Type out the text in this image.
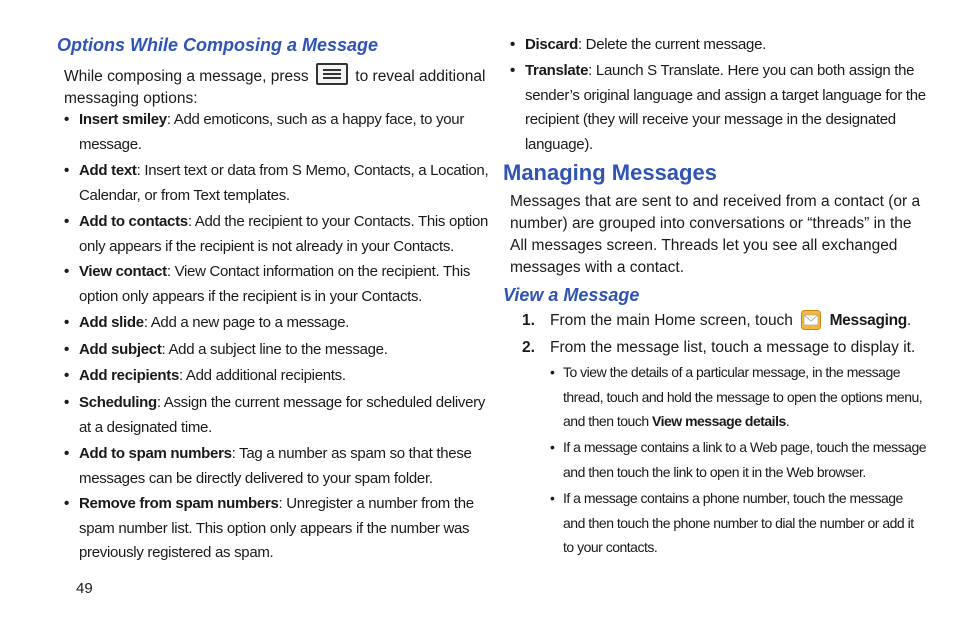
Options While Composing a Message

While composing a message, press	to reveal additional
messaging options:

• Insert smiley: Add emoticons, such as a happy face, to your
message.
• Add text: Insert text or data from S Memo, Contacts, a Location,
Calendar, or from Text templates.
• Add to contacts: Add the recipient to your Contacts. This option
only appears if the recipient is not already in your Contacts.
• View contact: View Contact information on the recipient. This
option only appears if the recipient is in your Contacts.
• Add slide: Add a new page to a message.
• Add subject: Add a subject line to the message.
• Add recipients: Add additional recipients.
• Scheduling: Assign the current message for scheduled delivery
at a designated time.
• Add to spam numbers: Tag a number as spam so that these
messages can be directly delivered to your spam folder.
• Remove from spam numbers: Unregister a number from the
spam number list. This option only appears if the number was
previously registered as spam.
49
• Discard: Delete the current message.
• Translate: Launch S Translate. Here you can both assign the
sender’s original language and assign a target language for the
recipient (they will receive your message in the designated
language).
Managing Messages

Messages that are sent to and received from a contact (or a
number) are grouped into conversations or “threads” in the
All messages screen. Threads let you see all exchanged
messages with a contact.

View a Message
1. From the main Home screen, touch Messaging.
2. From the message list, touch a message to display it.
• To view the details of a particular message, in the message
thread, touch and hold the message to open the options menu,
and then touch View message details.
• If a message contains a link to a Web page, touch the message
and then touch the link to open it in the Web browser.
• If a message contains a phone number, touch the message
and then touch the phone number to dial the number or add it
to your contacts.
